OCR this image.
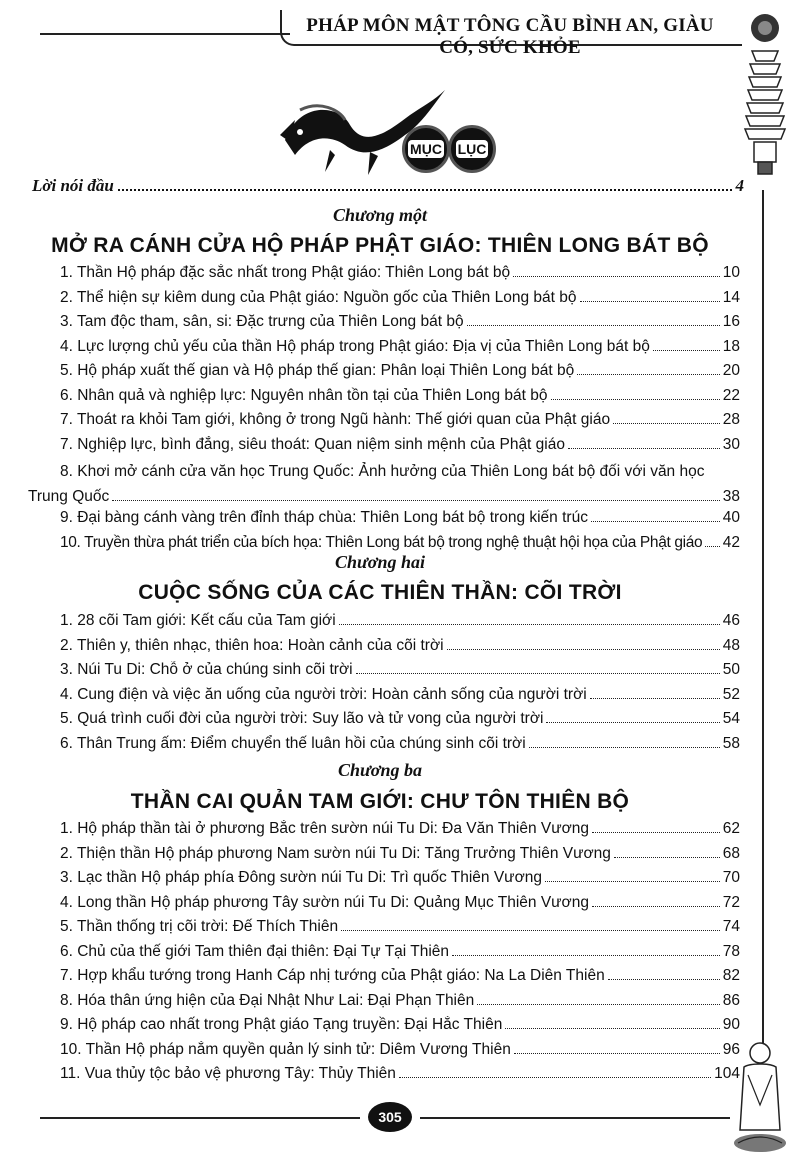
PHÁP MÔN MẬT TÔNG CẦU BÌNH AN, GIÀU CÓ, SỨC KHỎE
MỤC LỤC
Lời nói đầu	4
Chương một
MỞ RA CÁNH CỬA HỘ PHÁP PHẬT GIÁO: THIÊN LONG BÁT BỘ
1. Thần Hộ pháp đặc sắc nhất trong Phật giáo: Thiên Long bát bộ	10
2. Thể hiện sự kiêm dung của Phật giáo: Nguồn gốc của Thiên Long bát bộ	14
3. Tam độc tham, sân, si: Đặc trưng của Thiên Long bát bộ	16
4. Lực lượng chủ yếu của thần Hộ pháp trong Phật giáo: Địa vị của Thiên Long bát bộ	18
5. Hộ pháp xuất thế gian và Hộ pháp thế gian: Phân loại Thiên Long bát bộ	20
6. Nhân quả và nghiệp lực: Nguyên nhân tồn tại của Thiên Long bát bộ	22
7. Thoát ra khỏi Tam giới, không ở trong Ngũ hành: Thế giới quan của Phật giáo	28
7. Nghiệp lực, bình đẳng, siêu thoát: Quan niệm sinh mệnh của Phật giáo	30
8. Khơi mở cánh cửa văn học Trung Quốc: Ảnh hưởng của Thiên Long bát bộ đối với văn học
Trung Quốc	38
9. Đại bàng cánh vàng trên đỉnh tháp chùa: Thiên Long bát bộ trong kiến trúc	40
10. Truyền thừa phát triển của bích họa: Thiên Long bát bộ trong nghệ thuật hội họa của Phật giáo 42
Chương hai
CUỘC SỐNG CỦA CÁC THIÊN THẦN: CÕI TRỜI
1. 28 cõi Tam giới: Kết cấu của Tam giới	46
2. Thiên y, thiên nhạc, thiên hoa: Hoàn cảnh của cõi trời	48
3. Núi Tu Di: Chỗ ở của chúng sinh cõi trời	50
4. Cung điện và việc ăn uống của người trời: Hoàn cảnh sống của người trời	52
5. Quá trình cuối đời của người trời: Suy lão và tử vong của người trời	54
6. Thân Trung ấm: Điểm chuyển thế luân hồi của chúng sinh cõi trời	58
Chương ba
THẦN CAI QUẢN TAM GIỚI: CHƯ TÔN THIÊN BỘ
1. Hộ pháp thần tài ở phương Bắc trên sườn núi Tu Di: Đa Văn Thiên Vương	62
2. Thiện thần Hộ pháp phương Nam sườn núi Tu Di: Tăng Trưởng Thiên Vương	68
3. Lạc thần Hộ pháp phía Đông sườn núi Tu Di: Trì quốc Thiên Vương	70
4. Long thần Hộ pháp phương Tây sườn núi Tu Di: Quảng Mục Thiên Vương	72
5. Thần thống trị cõi trời: Đế Thích Thiên	74
6. Chủ của thế giới Tam thiên đại thiên: Đại Tự Tại Thiên	78
7. Hợp khẩu tướng trong Hanh Cáp nhị tướng của Phật giáo: Na La Diên Thiên	82
8. Hóa thân ứng hiện của Đại Nhật Như Lai: Đại Phạn Thiên	86
9. Hộ pháp cao nhất trong Phật giáo Tạng truyền: Đại Hắc Thiên	90
10. Thần Hộ pháp nắm quyền quản lý sinh tử: Diêm Vương Thiên	96
11. Vua thủy tộc bảo vệ phương Tây: Thủy Thiên	104
305
